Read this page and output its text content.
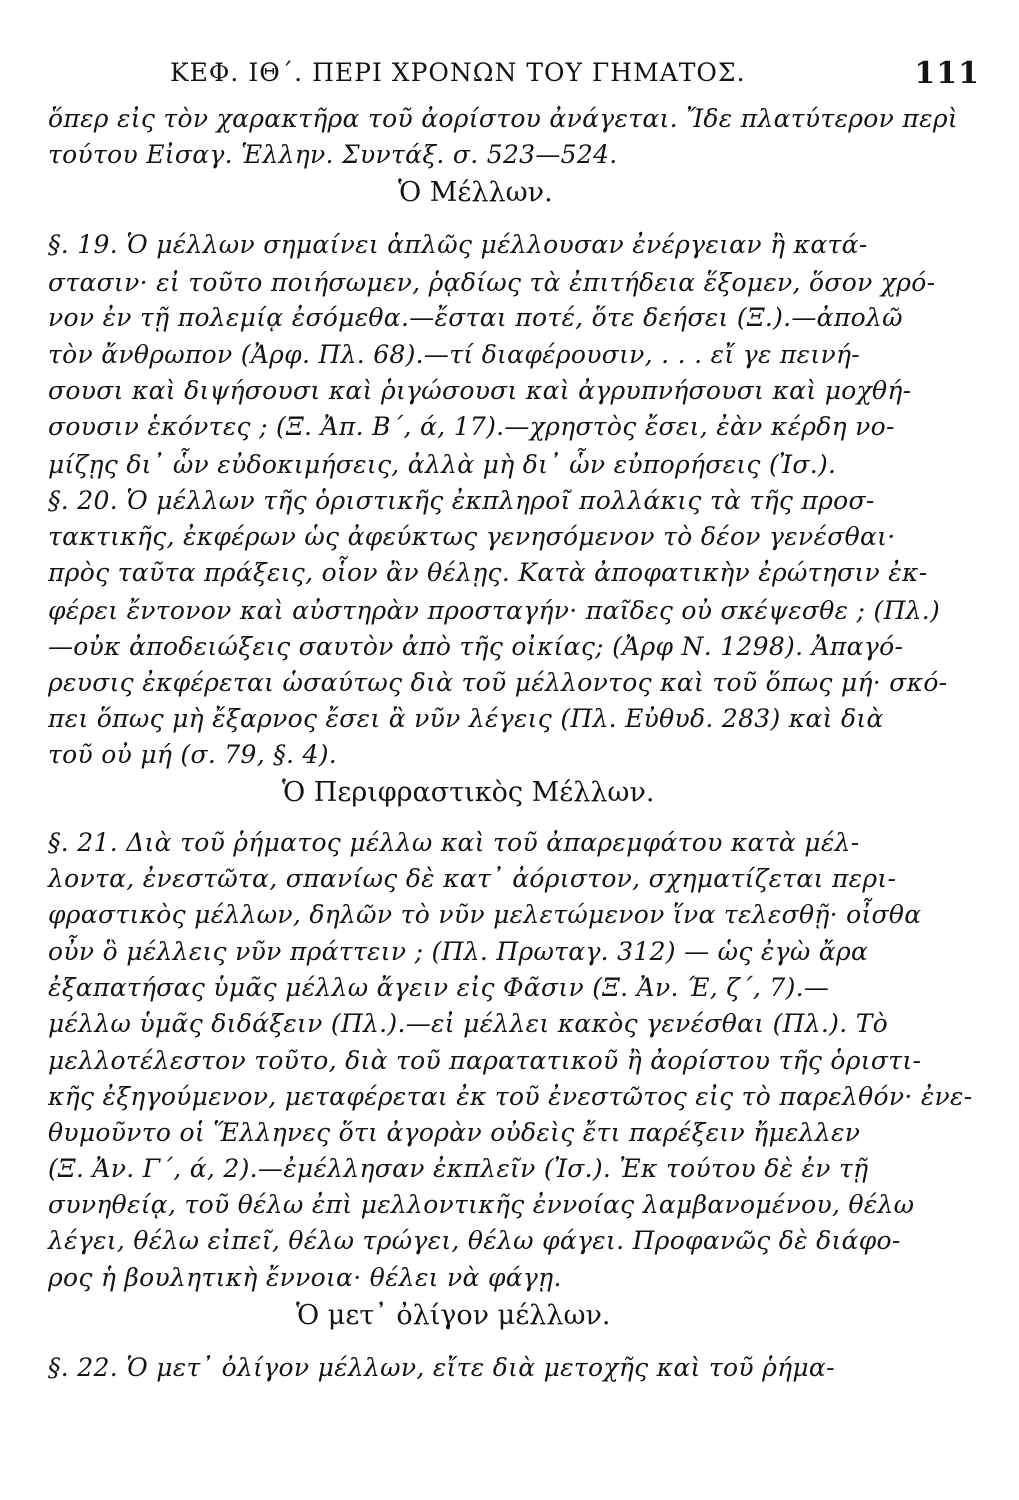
ΚΕΦ. ΙΘ΄. ΠΕΡΙ ΧΡΟΝΩΝ ΤΟΥ ΓΗΜΑΤΟΣ.	111
ὅπερ εἰς τὸν χαρακτῆρα τοῦ ἀορίστου ἀνάγεται. Ἴδε πλατύτερον περὶ
τούτου Εἰσαγ. Ἑλλην. Συντάξ. σ. 523—524.
Ὁ Μέλλων.
§. 19. Ὁ μέλλων σημαίνει ἁπλῶς μέλλουσαν ἐνέργειαν ἢ κατά-
στασιν· εἰ τοῦτο ποιήσωμεν, ῥᾳδίως τὰ ἐπιτήδεια ἕξομεν, ὅσον χρό-
νον ἐν τῇ πολεμίᾳ ἐσόμεθα.—ἔσται ποτέ, ὅτε δεήσει (Ξ.).—ἀπολῶ
τὸν ἄνθρωπον (Ἀρφ. Πλ. 68).—τί διαφέρουσιν, . . . εἴ γε πεινή-
σουσι καὶ διψήσουσι καὶ ῥιγώσουσι καὶ ἀγρυπνήσουσι καὶ μοχθή-
σουσιν ἑκόντες ; (Ξ. Ἀπ. Β΄, ά, 17).—χρηστὸς ἔσει, ἐὰν κέρδη νο-
μίζῃς δι᾽ ὧν εὐδοκιμήσεις, ἀλλὰ μὴ δι᾽ ὧν εὐπορήσεις (Ἰσ.).
§. 20. Ὁ μέλλων τῆς ὁριστικῆς ἐκπληροῖ πολλάκις τὰ τῆς προσ-
τακτικῆς, ἐκφέρων ὡς ἀφεύκτως γενησόμενον τὸ δέον γενέσθαι·
πρὸς ταῦτα πράξεις, οἷον ἂν θέλῃς. Κατὰ ἀποφατικὴν ἐρώτησιν ἐκ-
φέρει ἔντονον καὶ αὐστηρὰν προσταγήν· παῖδες οὐ σκέψεσθε ; (Πλ.)
—οὐκ ἀποδειώξεις σαυτὸν ἀπὸ τῆς οἰκίας; (Ἀρφ Ν. 1298). Ἀπαγό-
ρευσις ἐκφέρεται ὡσαύτως διὰ τοῦ μέλλοντος καὶ τοῦ ὅπως μή· σκό-
πει ὅπως μὴ ἔξαρνος ἔσει ἃ νῦν λέγεις (Πλ. Εὐθυδ. 283) καὶ διὰ
τοῦ οὐ μή (σ. 79, §. 4).
Ὁ Περιφραστικὸς Μέλλων.
§. 21. Διὰ τοῦ ῥήματος μέλλω καὶ τοῦ ἀπαρεμφάτου κατὰ μέλ-
λοντα, ἐνεστῶτα, σπανίως δὲ κατ᾽ ἀόριστον, σχηματίζεται περι-
φραστικὸς μέλλων, δηλῶν τὸ νῦν μελετώμενον ἵνα τελεσθῇ· οἶσθα
οὖν ὃ μέλλεις νῦν πράττειν ; (Πλ. Πρωταγ. 312) — ὡς ἐγὼ ἄρα
ἐξαπατήσας ὑμᾶς μέλλω ἄγειν εἰς Φᾶσιν (Ξ. Ἀν. Έ, ζ΄, 7).—
μέλλω ὑμᾶς διδάξειν (Πλ.).—εἰ μέλλει κακὸς γενέσθαι (Πλ.). Τὸ
μελλοτέλεστον τοῦτο, διὰ τοῦ παρατατικοῦ ἢ ἀορίστου τῆς ὁριστι-
κῆς ἐξηγούμενον, μεταφέρεται ἐκ τοῦ ἐνεστῶτος εἰς τὸ παρελθόν· ἐνε-
θυμοῦντο οἱ Ἕλληνες ὅτι ἀγορὰν οὐδεὶς ἔτι παρέξειν ἤμελλεν
(Ξ. Ἀν. Γ΄, ά, 2).—ἐμέλλησαν ἐκπλεῖν (Ἰσ.). Ἐκ τούτου δὲ ἐν τῇ
συνηθείᾳ, τοῦ θέλω ἐπὶ μελλοντικῆς ἐννοίας λαμβανομένου, θέλω
λέγει, θέλω εἰπεῖ, θέλω τρώγει, θέλω φάγει. Προφανῶς δὲ διάφο-
ρος ἡ βουλητικὴ ἔννοια· θέλει νὰ φάγῃ.
Ὁ μετ᾽ ὀλίγον μέλλων.
§. 22. Ὁ μετ᾽ ὀλίγον μέλλων, εἴτε διὰ μετοχῆς καὶ τοῦ ῥήμα-
